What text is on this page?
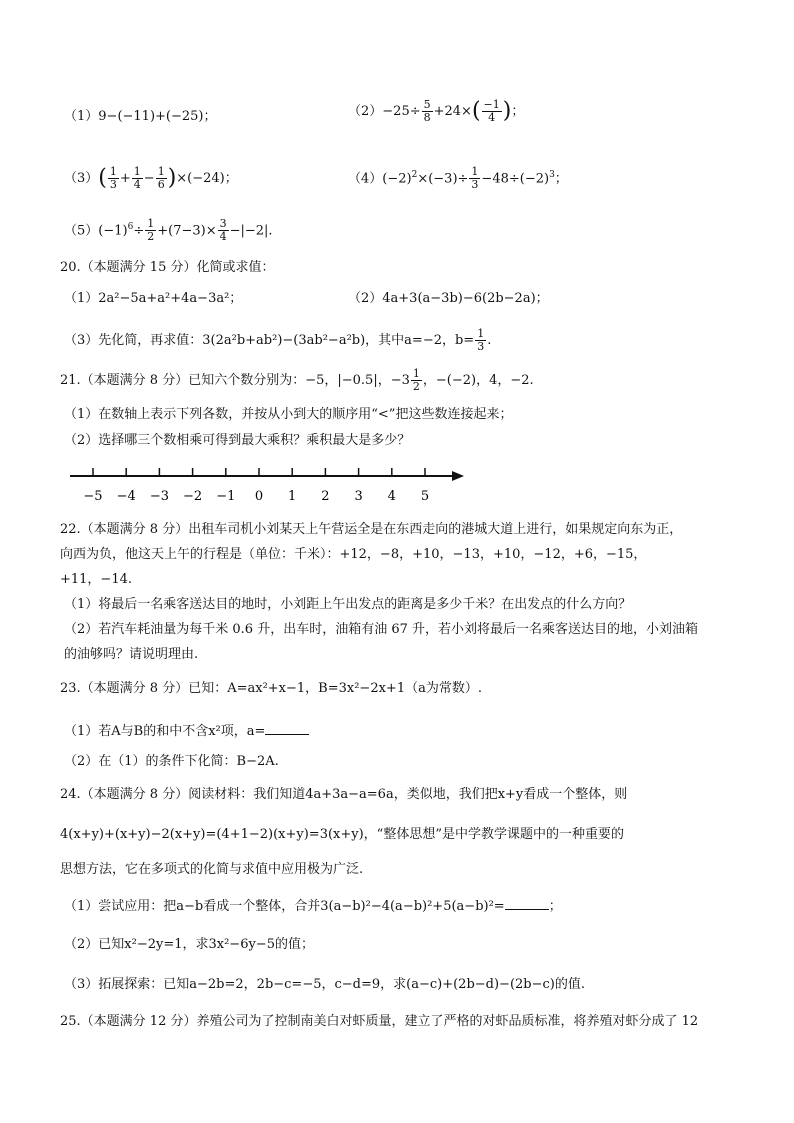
（1）9−(−11)+(−25)；	$(2)-25\div \frac{5}{8} +24\times( \frac{-1}{4}$ )；
$(3)( \frac{1}{3} + \frac{1}{4} - \frac{1}{6} )\times(-24)$；	$(4)(-2)^2\times(-3)\div \frac{1}{3} -48\div(-2)^3$；
$(5)(-1)^6\div \frac{1}{2} +(7-3)\times \frac{3}{4} -|-2|$.
20.（本题满分 15 分）化简或求值：
（1）2a²−5a+a²+4a−3a²；	（2）4a+3(a−3b)−6(2b−2a)；
（3）先化简，再求值：3(2a²b+ab²)−(3ab²−a²b)，其中a=−2，$b= \frac{1}{3}$ .
21.（本题满分 8 分）已知六个数分别为：−5，|−0.5|，$-3 \frac{1}{2}$ ，−(−2)，4，−2.
（1）在数轴上表示下列各数，并按从小到大的顺序用“<”把这些数连接起来；
（2）选择哪三个数相乘可得到最大乘积？乘积最大是多少？
−5 −4 −3 −2 −1 0 1 2 3 4 5
22.（本题满分 8 分）出租车司机小刘某天上午营运全是在东西走向的港城大道上进行，如果规定向东为正，
向西为负，他这天上午的行程是（单位：千米）：+12，−8，+10，−13，+10，−12，+6，−15，
+11，−14.
（1）将最后一名乘客送达目的地时，小刘距上午出发点的距离是多少千米？在出发点的什么方向？
（2）若汽车耗油量为每千米 0.6 升，出车时，油箱有油 67 升，若小刘将最后一名乘客送达目的地，小刘油箱
的油够吗？请说明理由.
23.（本题满分 8 分）已知：A=ax²+x−1，B=3x²−2x+1（a为常数）.
（1）若A与B的和中不含x²项，a=
（2）在（1）的条件下化简：B−2A.
24.（本题满分 8 分）阅读材料：我们知道4a+3a−a=6a，类似地，我们把x+y看成一个整体，则
4(x+y)+(x+y)−2(x+y)=(4+1−2)(x+y)=3(x+y)，“整体思想”是中学教学课题中的一种重要的
思想方法，它在多项式的化简与求值中应用极为广泛.
（1）尝试应用：把a−b看成一个整体，合并3(a−b)²−4(a−b)²+5(a−b)²=	；
（2）已知x²−2y=1，求3x²−6y−5的值；
（3）拓展探索：已知a−2b=2，2b−c=−5，c−d=9，求(a−c)+(2b−d)−(2b−c)的值.
25.（本题满分 12 分）养殖公司为了控制南美白对虾质量，建立了严格的对虾品质标准，将养殖对虾分成了 12
